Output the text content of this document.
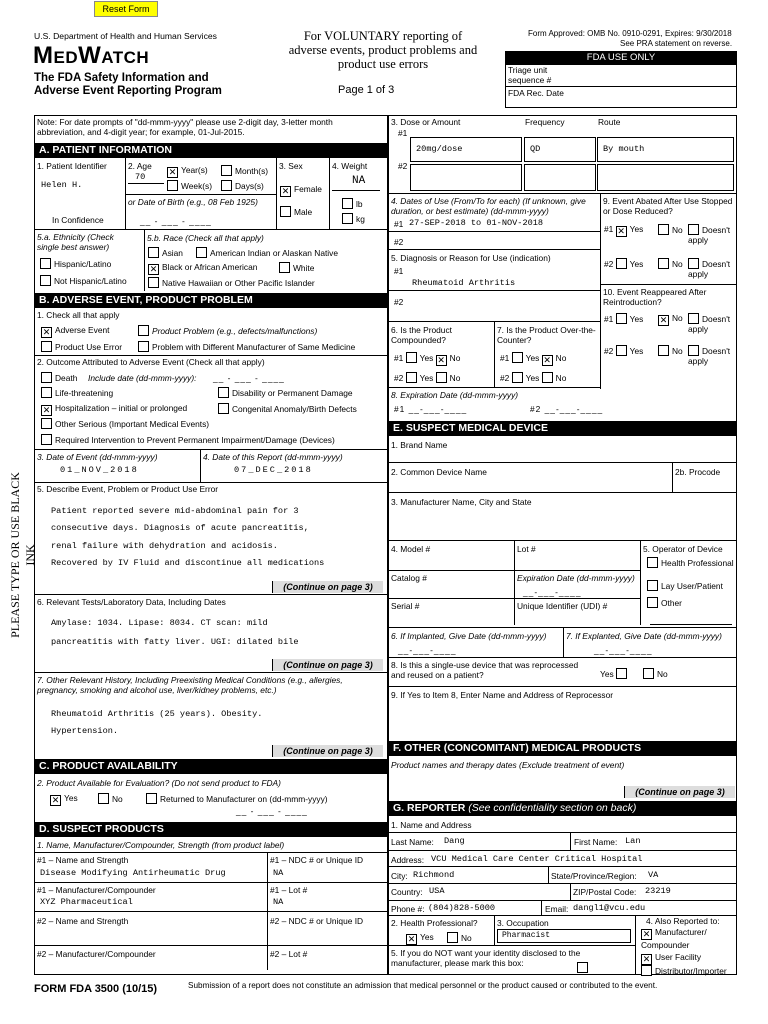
Reset Form
U.S. Department of Health and Human Services
MedWatch
The FDA Safety Information and Adverse Event Reporting Program
For VOLUNTARY reporting of adverse events, product problems and product use errors
Page 1 of 3
Form Approved: OMB No. 0910-0291, Expires: 9/30/2018
See PRA statement on reverse.
FDA USE ONLY
Triage unit sequence #
FDA Rec. Date
PLEASE TYPE OR USE BLACK INK
Note: For date prompts of "dd-mmm-yyyy" please use 2-digit day, 3-letter month abbreviation, and 4-digit year; for example, 01-Jul-2015.
A. PATIENT INFORMATION
1. Patient Identifier
Helen H.
In Confidence
2. Age
70	✕ Year(s)	Month(s)
Week(s)	Days(s)
or Date of Birth (e.g., 08 Feb 1925)
__ - ___ - ____
3. Sex
✕ Female
Male
4. Weight
NA
lb
kg
5.a. Ethnicity (Check single best answer)
Hispanic/Latino
Not Hispanic/Latino
5.b. Race (Check all that apply)
Asian	American Indian or Alaskan Native
✕ Black or African American	White
Native Hawaiian or Other Pacific Islander
B. ADVERSE EVENT, PRODUCT PROBLEM
1. Check all that apply
✕ Adverse Event	Product Problem (e.g., defects/malfunctions)
Product Use Error	Problem with Different Manufacturer of Same Medicine
2. Outcome Attributed to Adverse Event (Check all that apply)
Death Include date (dd-mmm-yyyy): __ - ___ - ____
Life-threatening	Disability or Permanent Damage
✕ Hospitalization – initial or prolonged	Congenital Anomaly/Birth Defects
Other Serious (Important Medical Events)
Required Intervention to Prevent Permanent Impairment/Damage (Devices)
3. Date of Event (dd-mmm-yyyy)
01_NOV_2018
4. Date of this Report (dd-mmm-yyyy)
07_DEC_2018
5. Describe Event, Problem or Product Use Error
Patient reported severe mid-abdominal pain for 3
consecutive days. Diagnosis of acute pancreatitis,
renal failure with dehydration and acidosis.
Recovered by IV Fluid and discontinue all medications
(Continue on page 3)
6. Relevant Tests/Laboratory Data, Including Dates
Amylase: 1034. Lipase: 8034. CT scan: mild
pancreatitis with fatty liver. UGI: dilated bile
(Continue on page 3)
7. Other Relevant History, Including Preexisting Medical Conditions (e.g., allergies, pregnancy, smoking and alcohol use, liver/kidney problems, etc.)
Rheumatoid Arthritis (25 years). Obesity.
Hypertension.
(Continue on page 3)
C. PRODUCT AVAILABILITY
2. Product Available for Evaluation? (Do not send product to FDA)
✕ Yes	No	Returned to Manufacturer on (dd-mmm-yyyy)
__ - ___ - ____
D. SUSPECT PRODUCTS
1. Name, Manufacturer/Compounder, Strength (from product label)
#1 – Name and Strength
Disease Modifying Antirheumatic Drug
#1 – NDC # or Unique ID
NA
#1 – Manufacturer/Compounder
XYZ Pharmaceutical
#1 – Lot #
NA
#2 – Name and Strength	#2 – NDC # or Unique ID
#2 – Manufacturer/Compounder	#2 – Lot #
3. Dose or Amount	Frequency	Route
#1
20mg/dose	QD	By mouth
#2
4. Dates of Use (From/To for each) (If unknown, give duration, or best estimate) (dd-mmm-yyyy)
#1 27-SEP-2018 to 01-NOV-2018
#2
9. Event Abated After Use Stopped or Dose Reduced?
#1 ✕ Yes	No	Doesn't apply
#2 Yes	No	Doesn't apply
5. Diagnosis or Reason for Use (indication)
#1
Rheumatoid Arthritis
#2
10. Event Reappeared After Reintroduction?
#1 Yes ✕ No	Doesn't apply
#2 Yes	No	Doesn't apply
6. Is the Product Compounded?
7. Is the Product Over-the-Counter?
#1 Yes ✕ No	#1 Yes ✕ No
#2 Yes No	#2 Yes No
8. Expiration Date (dd-mmm-yyyy)
#1 __-___-____	#2 __-___-____
E. SUSPECT MEDICAL DEVICE
1. Brand Name
2. Common Device Name	2b. Procode
3. Manufacturer Name, City and State
4. Model #	Lot #	5. Operator of Device
Health Professional
Lay User/Patient
Other
Catalog #	Expiration Date (dd-mmm-yyyy)
__-___-____
Serial #	Unique Identifier (UDI) #
6. If Implanted, Give Date (dd-mmm-yyyy)
__-___-____
7. If Explanted, Give Date (dd-mmm-yyyy)
__-___-____
8. Is this a single-use device that was reprocessed and reused on a patient?	Yes	No
9. If Yes to Item 8, Enter Name and Address of Reprocessor
F. OTHER (CONCOMITANT) MEDICAL PRODUCTS
Product names and therapy dates (Exclude treatment of event)
(Continue on page 3)
G. REPORTER (See confidentiality section on back)
1. Name and Address
Last Name: Dang	First Name: Lan
Address: VCU Medical Care Center Critical Hospital
City: Richmond	State/Province/Region: VA
Country: USA	ZIP/Postal Code: 23219
Phone #: (804)828-5000	Email: dangl1@vcu.edu
2. Health Professional?
✕ Yes	No
3. Occupation
Pharmacist
4. Also Reported to:
✕ Manufacturer/ Compounder
✕ User Facility
Distributor/Importer
5. If you do NOT want your identity disclosed to the manufacturer, please mark this box:
FORM FDA 3500 (10/15)	Submission of a report does not constitute an admission that medical personnel or the product caused or contributed to the event.
